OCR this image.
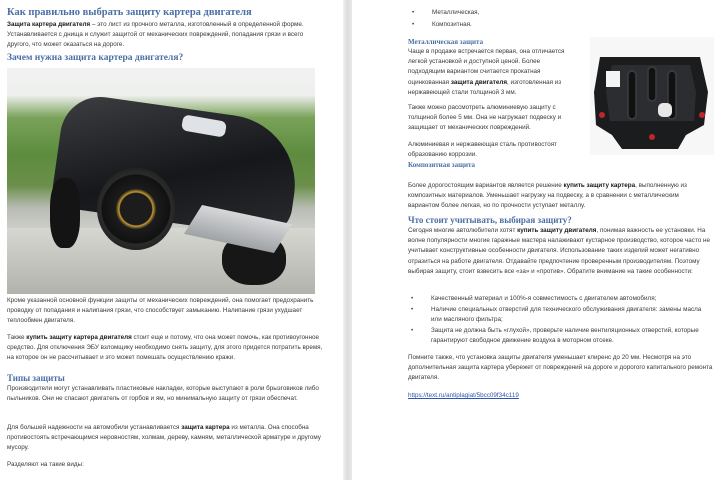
Как правильно выбрать защиту картера двигателя

Защита картера двигателя – это лист из прочного металла, изготовленный в определенной форме. Устанавливается с днища и служит защитой от механических повреждений, попадания грязи и всего другого, что может оказаться на дороге.

Зачем нужна защита картера двигателя?

Кроме указанной основной функции защиты от механических повреждений, она помогает предохранить проводку от попадания и налипания грязи, что способствует замыканию. Налипание грязи ухудшает теплообмен двигателя.

Также купить защиту картера двигателя стоит еще и потому, что она может помочь, как противоугонное средство. Для отключения ЭБУ взломщику необходимо снять защиту, для этого придется потратить время, на которое он не рассчитывает и это может помешать осуществлению кражи.

Типы защиты

Производители могут устанавливать пластиковые накладки, которые выступают в роли брызговиков либо пыльников. Они не спасают двигатель от горбов и ям, но минимальную защиту от грязи обеспечат.

Для большей надежности на автомобили устанавливается защита картера из металла. Она способна противостоять встречающимся неровностям, холмам, дереву, камням, металлической арматуре и другому мусору.

Разделяют на такие виды:

•	Металлическая,
•	Композитная.
Металлическая защита

Чаще в продаже встречается первая, она отличается легкой установкой и доступной ценой. Более подходящим вариантом считается прокатная оцинкованная защита двигателя, изготовленная из нержавеющей стали толщиной 3 мм.

Также можно рассмотреть алюминиевую защиту с толщиной более 5 мм. Она не нагружает подвеску и защищает от механических повреждений.

Алюминиевая и нержавеющая сталь противостоят образованию коррозии.

Композитная защита

Более дорогостоящим вариантов является решение купить защиту картера, выполненную из композитных материалов. Уменьшает нагрузку на подвеску, а в сравнении с металлическим вариантом более легкая, но по прочности уступает металлу.

Что стоит учитывать, выбирая защиту?

Сегодня многие автолюбители хотят купить защиту двигателя, понимая важность ее установки. На волне популярности многие гаражные мастера налаживают кустарное производство, которое часто не учитывает конструктивные особенности двигателя. Использование таких изделий может негативно отразиться на работе двигателя. Отдавайте предпочтение проверенным производителям. Поэтому выбирая защиту, стоит взвесить все «за» и «против». Обратите внимание на такие особенности:

•	Качественный материал и 100%-я совместимость с двигателем автомобиля;
•	Наличие специальных отверстий для технического обслуживания двигателя: замены масла или масляного фильтра;
•	Защита не должна быть «глухой», проверьте наличие вентиляционных отверстий, которые гарантируют свободное движение воздуха в моторном отсеке.

Помните также, что установка защиты двигателя уменьшает клиренс до 20 мм. Несмотря на это дополнительная защита картера убережет от повреждений на дороге и дорогого капитального ремонта двигателя.

https://text.ru/antiplagiat/5bcc09f34c119
